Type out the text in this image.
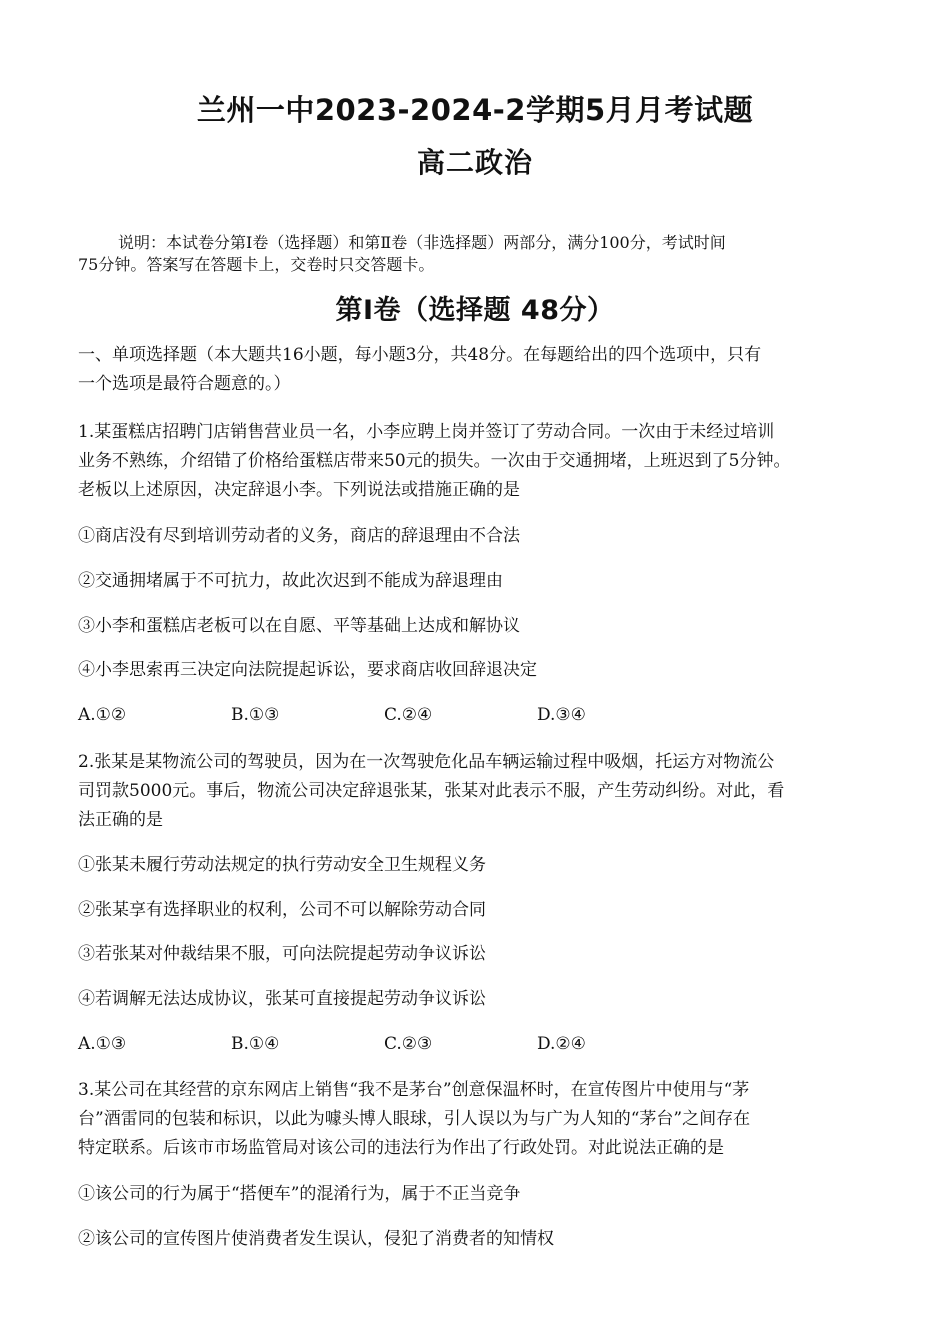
兰州一中2023-2024-2学期5月月考试题
高二政治
说明：本试卷分第Ⅰ卷（选择题）和第Ⅱ卷（非选择题）两部分，满分100分，考试时间
75分钟。答案写在答题卡上，交卷时只交答题卡。
第Ⅰ卷（选择题 48分）
一、单项选择题（本大题共16小题，每小题3分，共48分。在每题给出的四个选项中，只有
一个选项是最符合题意的。）
1.某蛋糕店招聘门店销售营业员一名，小李应聘上岗并签订了劳动合同。一次由于未经过培训
业务不熟练，介绍错了价格给蛋糕店带来50元的损失。一次由于交通拥堵，上班迟到了5分钟。
老板以上述原因，决定辞退小李。下列说法或措施正确的是
①商店没有尽到培训劳动者的义务，商店的辞退理由不合法
②交通拥堵属于不可抗力，故此次迟到不能成为辞退理由
③小李和蛋糕店老板可以在自愿、平等基础上达成和解协议
④小李思索再三决定向法院提起诉讼，要求商店收回辞退决定
A.①②	B.①③	C.②④	D.③④
2.张某是某物流公司的驾驶员，因为在一次驾驶危化品车辆运输过程中吸烟，托运方对物流公
司罚款5000元。事后，物流公司决定辞退张某，张某对此表示不服，产生劳动纠纷。对此，看
法正确的是
①张某未履行劳动法规定的执行劳动安全卫生规程义务
②张某享有选择职业的权利，公司不可以解除劳动合同
③若张某对仲裁结果不服，可向法院提起劳动争议诉讼
④若调解无法达成协议，张某可直接提起劳动争议诉讼
A.①③	B.①④	C.②③	D.②④
3.某公司在其经营的京东网店上销售“我不是茅台”创意保温杯时，在宣传图片中使用与“茅
台”酒雷同的包装和标识，以此为噱头博人眼球，引人误以为与广为人知的“茅台”之间存在
特定联系。后该市市场监管局对该公司的违法行为作出了行政处罚。对此说法正确的是
①该公司的行为属于“搭便车”的混淆行为，属于不正当竞争
②该公司的宣传图片使消费者发生误认，侵犯了消费者的知情权
